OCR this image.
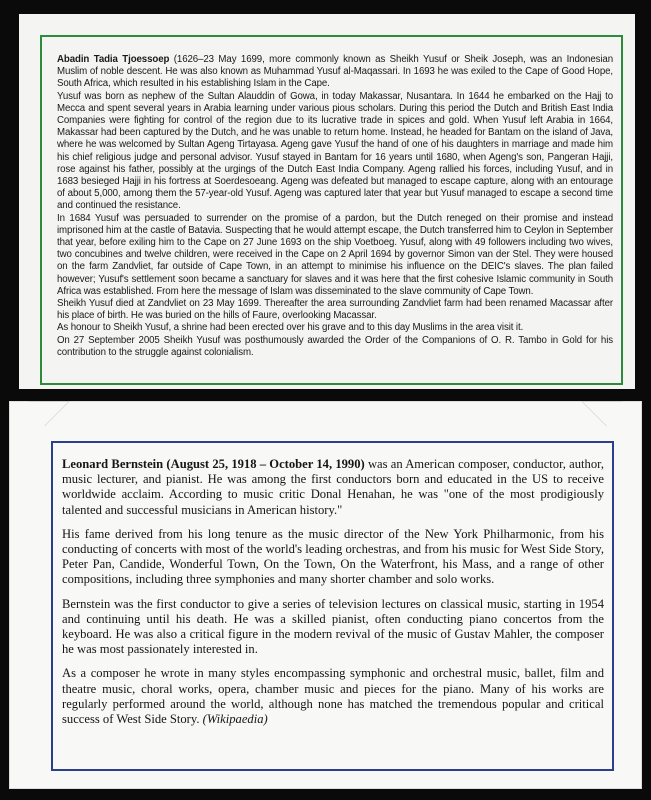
Abadin Tadia Tjoessoep (1626–23 May 1699, more commonly known as Sheikh Yusuf or Sheik Joseph, was an Indonesian Muslim of noble descent. He was also known as Muhammad Yusuf al-Maqassari. In 1693 he was exiled to the Cape of Good Hope, South Africa, which resulted in his establishing Islam in the Cape.

Yusuf was born as nephew of the Sultan Alauddin of Gowa, in today Makassar, Nusantara. In 1644 he embarked on the Hajj to Mecca and spent several years in Arabia learning under various pious scholars. During this period the Dutch and British East India Companies were fighting for control of the region due to its lucrative trade in spices and gold. When Yusuf left Arabia in 1664, Makassar had been captured by the Dutch, and he was unable to return home. Instead, he headed for Bantam on the island of Java, where he was welcomed by Sultan Ageng Tirtayasa. Ageng gave Yusuf the hand of one of his daughters in marriage and made him his chief religious judge and personal advisor. Yusuf stayed in Bantam for 16 years until 1680, when Ageng's son, Pangeran Hajji, rose against his father, possibly at the urgings of the Dutch East India Company. Ageng rallied his forces, including Yusuf, and in 1683 besieged Hajji in his fortress at Soerdesoeang. Ageng was defeated but managed to escape capture, along with an entourage of about 5,000, among them the 57-year-old Yusuf. Ageng was captured later that year but Yusuf managed to escape a second time and continued the resistance.

In 1684 Yusuf was persuaded to surrender on the promise of a pardon, but the Dutch reneged on their promise and instead imprisoned him at the castle of Batavia. Suspecting that he would attempt escape, the Dutch transferred him to Ceylon in September that year, before exiling him to the Cape on 27 June 1693 on the ship Voetboeg. Yusuf, along with 49 followers including two wives, two concubines and twelve children, were received in the Cape on 2 April 1694 by governor Simon van der Stel. They were housed on the farm Zandvliet, far outside of Cape Town, in an attempt to minimise his influence on the DEIC's slaves. The plan failed however; Yusuf's settlement soon became a sanctuary for slaves and it was here that the first cohesive Islamic community in South Africa was established. From here the message of Islam was disseminated to the slave community of Cape Town.

Sheikh Yusuf died at Zandvliet on 23 May 1699. Thereafter the area surrounding Zandvliet farm had been renamed Macassar after his place of birth. He was buried on the hills of Faure, overlooking Macassar.

As honour to Sheikh Yusuf, a shrine had been erected over his grave and to this day Muslims in the area visit it.

On 27 September 2005 Sheikh Yusuf was posthumously awarded the Order of the Companions of O. R. Tambo in Gold for his contribution to the struggle against colonialism.

Leonard Bernstein (August 25, 1918 – October 14, 1990) was an American composer, conductor, author, music lecturer, and pianist. He was among the first conductors born and educated in the US to receive worldwide acclaim. According to music critic Donal Henahan, he was "one of the most prodigiously talented and successful musicians in American history."

His fame derived from his long tenure as the music director of the New York Philharmonic, from his conducting of concerts with most of the world's leading orchestras, and from his music for West Side Story, Peter Pan, Candide, Wonderful Town, On the Town, On the Waterfront, his Mass, and a range of other compositions, including three symphonies and many shorter chamber and solo works.

Bernstein was the first conductor to give a series of television lectures on classical music, starting in 1954 and continuing until his death. He was a skilled pianist, often conducting piano concertos from the keyboard. He was also a critical figure in the modern revival of the music of Gustav Mahler, the composer he was most passionately interested in.

As a composer he wrote in many styles encompassing symphonic and orchestral music, ballet, film and theatre music, choral works, opera, chamber music and pieces for the piano. Many of his works are regularly performed around the world, although none has matched the tremendous popular and critical success of West Side Story. (Wikipaedia)
